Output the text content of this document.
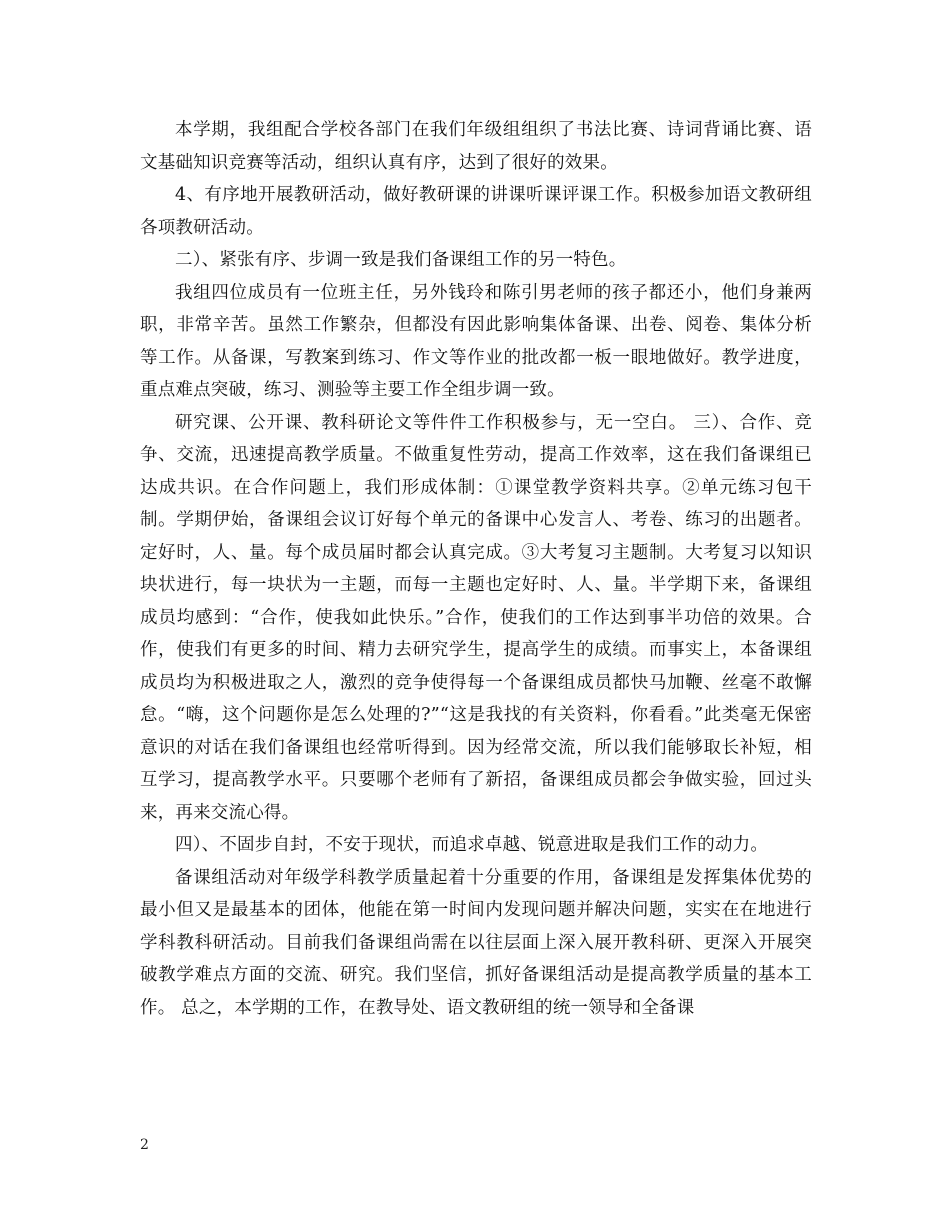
本学期，我组配合学校各部门在我们年级组组织了书法比赛、诗词背诵比赛、语文基础知识竞赛等活动，组织认真有序，达到了很好的效果。

4、有序地开展教研活动，做好教研课的讲课听课评课工作。积极参加语文教研组各项教研活动。

二）、紧张有序、步调一致是我们备课组工作的另一特色。

我组四位成员有一位班主任，另外钱玲和陈引男老师的孩子都还小，他们身兼两职，非常辛苦。虽然工作繁杂，但都没有因此影响集体备课、出卷、阅卷、集体分析等工作。从备课，写教案到练习、作文等作业的批改都一板一眼地做好。教学进度，重点难点突破，练习、测验等主要工作全组步调一致。

研究课、公开课、教科研论文等件件工作积极参与，无一空白。 三）、合作、竞争、交流，迅速提高教学质量。不做重复性劳动，提高工作效率，这在我们备课组已达成共识。在合作问题上，我们形成体制：①课堂教学资料共享。②单元练习包干制。学期伊始，备课组会议订好每个单元的备课中心发言人、考卷、练习的出题者。定好时，人、量。每个成员届时都会认真完成。③大考复习主题制。大考复习以知识块状进行，每一块状为一主题，而每一主题也定好时、人、量。半学期下来，备课组成员均感到：“合作，使我如此快乐。”合作，使我们的工作达到事半功倍的效果。合作，使我们有更多的时间、精力去研究学生，提高学生的成绩。而事实上，本备课组成员均为积极进取之人，激烈的竞争使得每一个备课组成员都快马加鞭、丝毫不敢懈怠。“嗨，这个问题你是怎么处理的?”“这是我找的有关资料，你看看。”此类毫无保密意识的对话在我们备课组也经常听得到。因为经常交流，所以我们能够取长补短，相互学习，提高教学水平。只要哪个老师有了新招，备课组成员都会争做实验，回过头来，再来交流心得。

四）、不固步自封，不安于现状，而追求卓越、锐意进取是我们工作的动力。

备课组活动对年级学科教学质量起着十分重要的作用，备课组是发挥集体优势的最小但又是最基本的团体，他能在第一时间内发现问题并解决问题，实实在在地进行学科教科研活动。目前我们备课组尚需在以往层面上深入展开教科研、更深入开展突破教学难点方面的交流、研究。我们坚信，抓好备课组活动是提高教学质量的基本工作。 总之，本学期的工作，在教导处、语文教研组的统一领导和全备课

2
